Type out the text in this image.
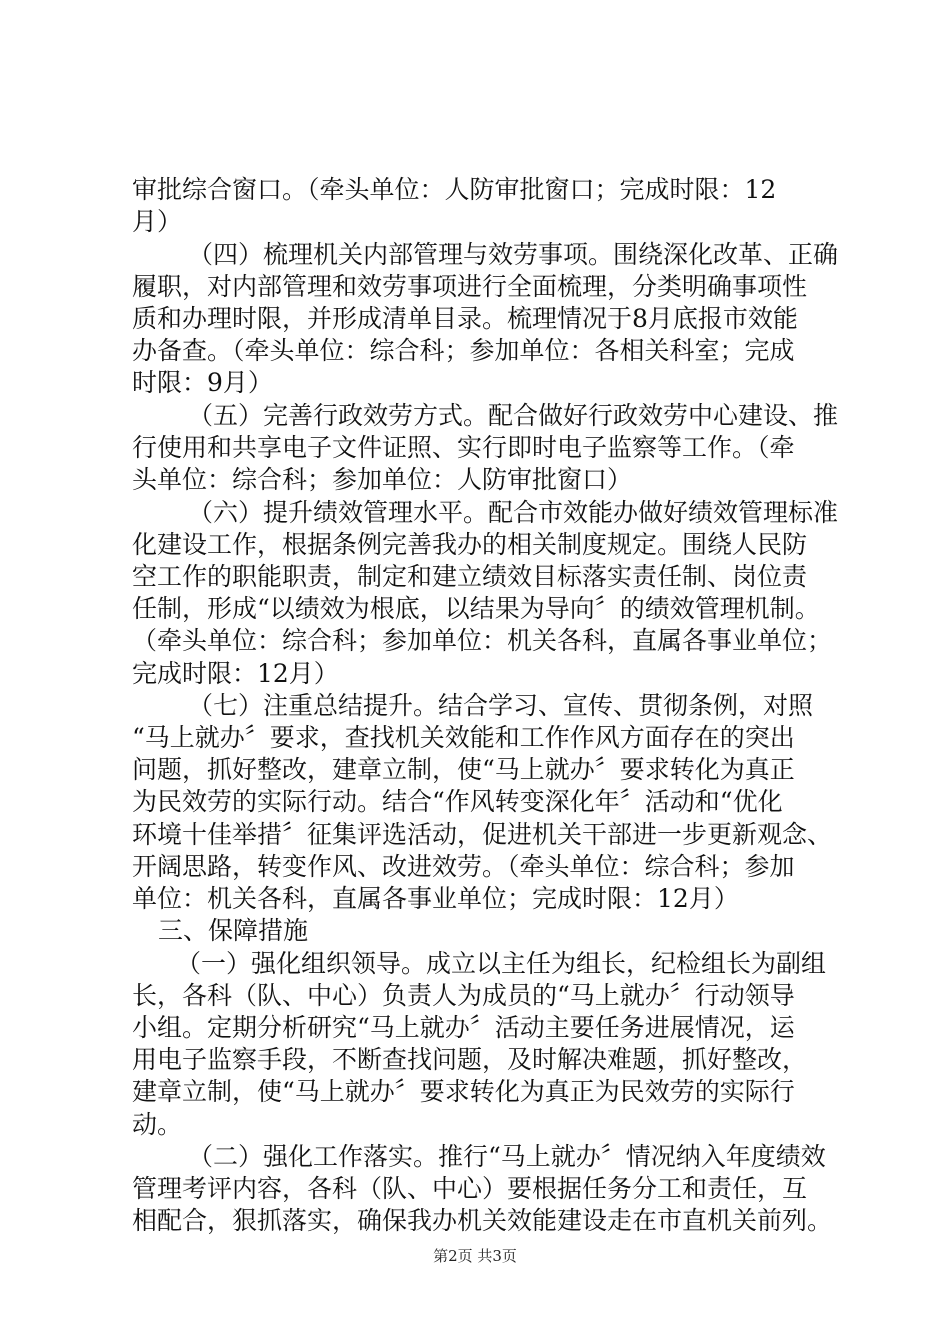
审批综合窗口。（牵头单位：人防审批窗口；完成时限：12
月）
（四）梳理机关内部管理与效劳事项。围绕深化改革、正确
履职，对内部管理和效劳事项进行全面梳理，分类明确事项性
质和办理时限，并形成清单目录。梳理情况于8月底报市效能
办备查。（牵头单位：综合科；参加单位：各相关科室；完成
时限：9月）
（五）完善行政效劳方式。配合做好行政效劳中心建设、推
行使用和共享电子文件证照、实行即时电子监察等工作。（牵
头单位：综合科；参加单位：人防审批窗口）
（六）提升绩效管理水平。配合市效能办做好绩效管理标准
化建设工作，根据条例完善我办的相关制度规定。围绕人民防
空工作的职能职责，制定和建立绩效目标落实责任制、岗位责
任制，形成“以绩效为根底，以结果为导向〞的绩效管理机制。
（牵头单位：综合科；参加单位：机关各科，直属各事业单位；
完成时限：12月）
（七）注重总结提升。结合学习、宣传、贯彻条例，对照
“马上就办〞要求，查找机关效能和工作作风方面存在的突出
问题，抓好整改，建章立制，使“马上就办〞要求转化为真正
为民效劳的实际行动。结合“作风转变深化年〞活动和“优化
环境十佳举措〞征集评选活动，促进机关干部进一步更新观念、
开阔思路，转变作风、改进效劳。（牵头单位：综合科；参加
单位：机关各科，直属各事业单位；完成时限：12月）
三、保障措施
（一）强化组织领导。成立以主任为组长，纪检组长为副组
长，各科（队、中心）负责人为成员的“马上就办〞行动领导
小组。定期分析研究“马上就办〞活动主要任务进展情况，运
用电子监察手段，不断查找问题，及时解决难题，抓好整改，
建章立制，使“马上就办〞要求转化为真正为民效劳的实际行
动。
（二）强化工作落实。推行“马上就办〞情况纳入年度绩效
管理考评内容，各科（队、中心）要根据任务分工和责任，互
相配合，狠抓落实，确保我办机关效能建设走在市直机关前列。
第2页 共3页
